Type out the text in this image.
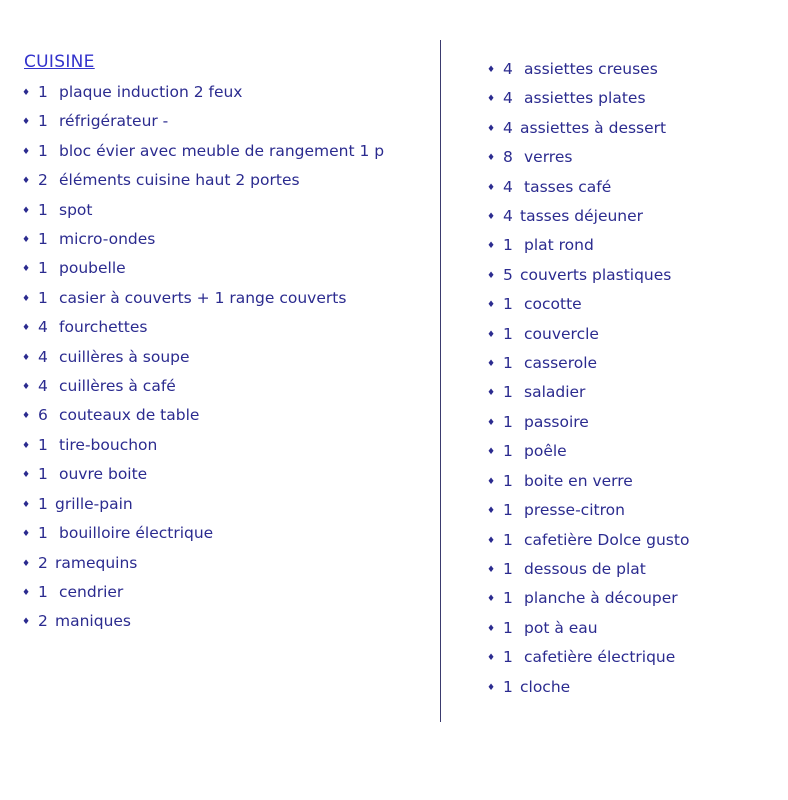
CUISINE
♦ 1 plaque induction 2 feux
♦ 1 réfrigérateur -
♦ 1 bloc évier avec meuble de rangement 1 p
♦ 2 éléments cuisine haut 2 portes
♦ 1 spot
♦ 1 micro-ondes
♦ 1 poubelle
♦ 1 casier à couverts + 1 range couverts
♦ 4 fourchettes
♦ 4 cuillères à soupe
♦ 4 cuillères à café
♦ 6 couteaux de table
♦ 1 tire-bouchon
♦ 1 ouvre boite
♦ 1 grille-pain
♦ 1 bouilloire électrique
♦ 2 ramequins
♦ 1 cendrier
♦ 2 maniques
♦ 4 assiettes creuses
♦ 4 assiettes plates
♦ 4 assiettes à dessert
♦ 8 verres
♦ 4 tasses café
♦ 4 tasses déjeuner
♦ 1 plat rond
♦ 5 couverts plastiques
♦ 1 cocotte
♦ 1 couvercle
♦ 1 casserole
♦ 1 saladier
♦ 1 passoire
♦ 1 poêle
♦ 1 boite en verre
♦ 1 presse-citron
♦ 1 cafetière Dolce gusto
♦ 1 dessous de plat
♦ 1 planche à découper
♦ 1 pot à eau
♦ 1 cafetière électrique
♦ 1 cloche
